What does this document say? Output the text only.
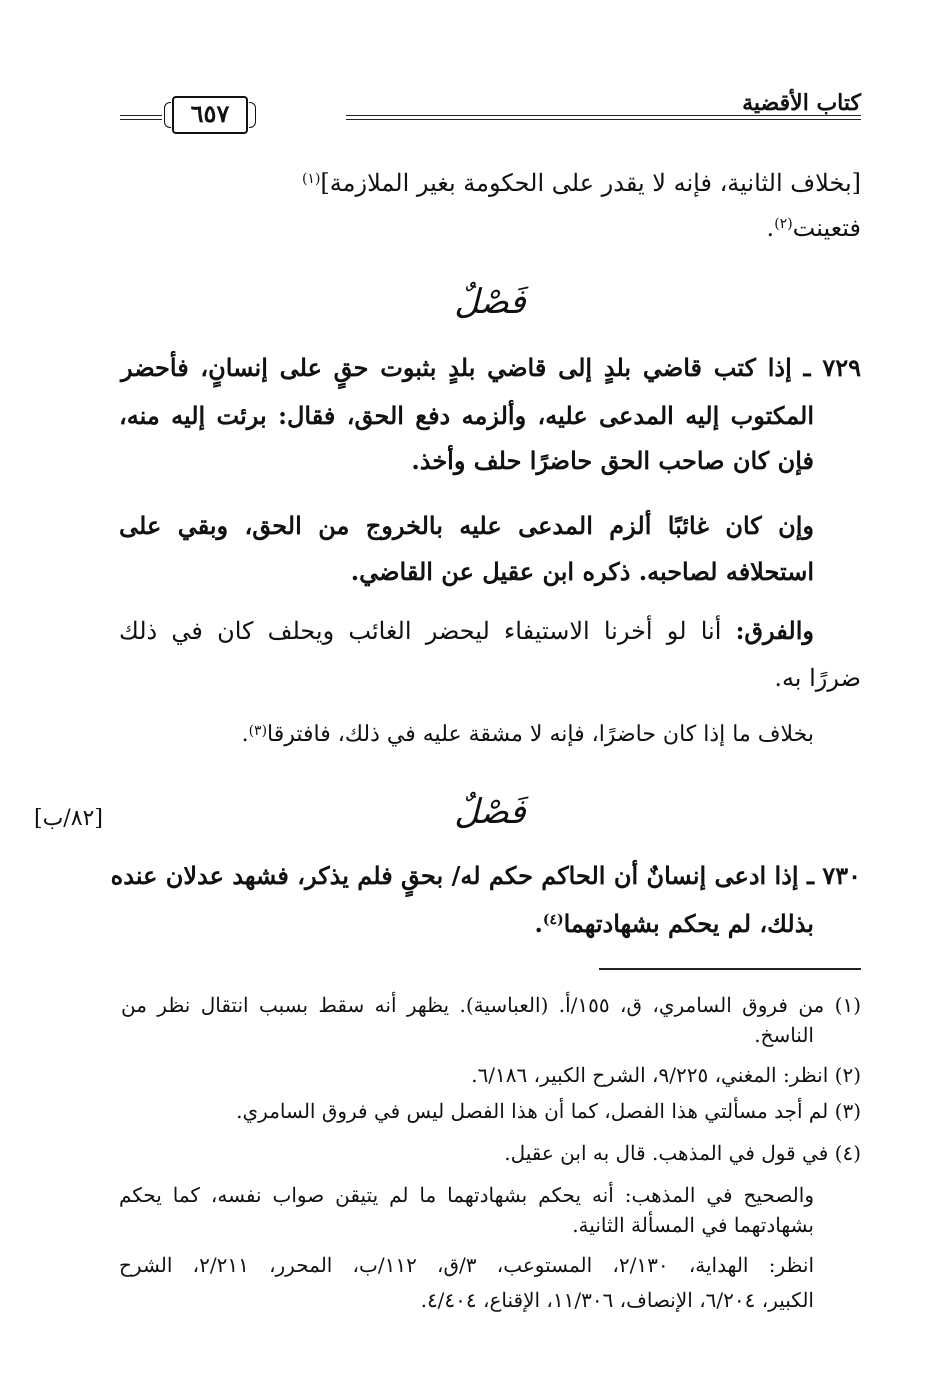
كتاب الأقضية
٦٥٧
[بخلاف الثانية، فإنه لا يقدر على الحكومة بغير الملازمة]$^{(١)}$
فتعينت$^{(٢)}$.
فَصْلٌ
٧٢٩ ـ إذا كتب قاضي بلدٍ إلى قاضي بلدٍ بثبوت حقٍ على إنسانٍ، فأحضر
المكتوب إليه المدعى عليه، وألزمه دفع الحق، فقال: برئت إليه منه،
فإن كان صاحب الحق حاضرًا حلف وأخذ.
وإن كان غائبًا ألزم المدعى عليه بالخروج من الحق، وبقي على
استحلافه لصاحبه. ذكره ابن عقيل عن القاضي.
والفرق: أنا لو أخرنا الاستيفاء ليحضر الغائب ويحلف كان في ذلك
ضررًا به.
بخلاف ما إذا كان حاضرًا، فإنه لا مشقة عليه في ذلك، فافترقا$^{(٣)}$.
فَصْلٌ
[٨٢/ب]
٧٣٠ ـ إذا ادعى إنسانٌ أن الحاكم حكم له/ بحقٍ فلم يذكر، فشهد عدلان عنده
بذلك، لم يحكم بشهادتهما$^{(٤)}$.
(١) من فروق السامري، ق، ١٥٥/أ. (العباسية). يظهر أنه سقط بسبب انتقال نظر من
الناسخ.
(٢) انظر: المغني، ٩/٢٢٥، الشرح الكبير، ٦/١٨٦.
(٣) لم أجد مسألتي هذا الفصل، كما أن هذا الفصل ليس في فروق السامري.
(٤) في قول في المذهب. قال به ابن عقيل.
والصحيح في المذهب: أنه يحكم بشهادتهما ما لم يتيقن صواب نفسه، كما يحكم
بشهادتهما في المسألة الثانية.
انظر: الهداية، ٢/١٣٠، المستوعب، ٣/ق، ١١٢/ب، المحرر، ٢/٢١١، الشرح
الكبير، ٦/٢٠٤، الإنصاف، ١١/٣٠٦، الإقناع، ٤/٤٠٤.
